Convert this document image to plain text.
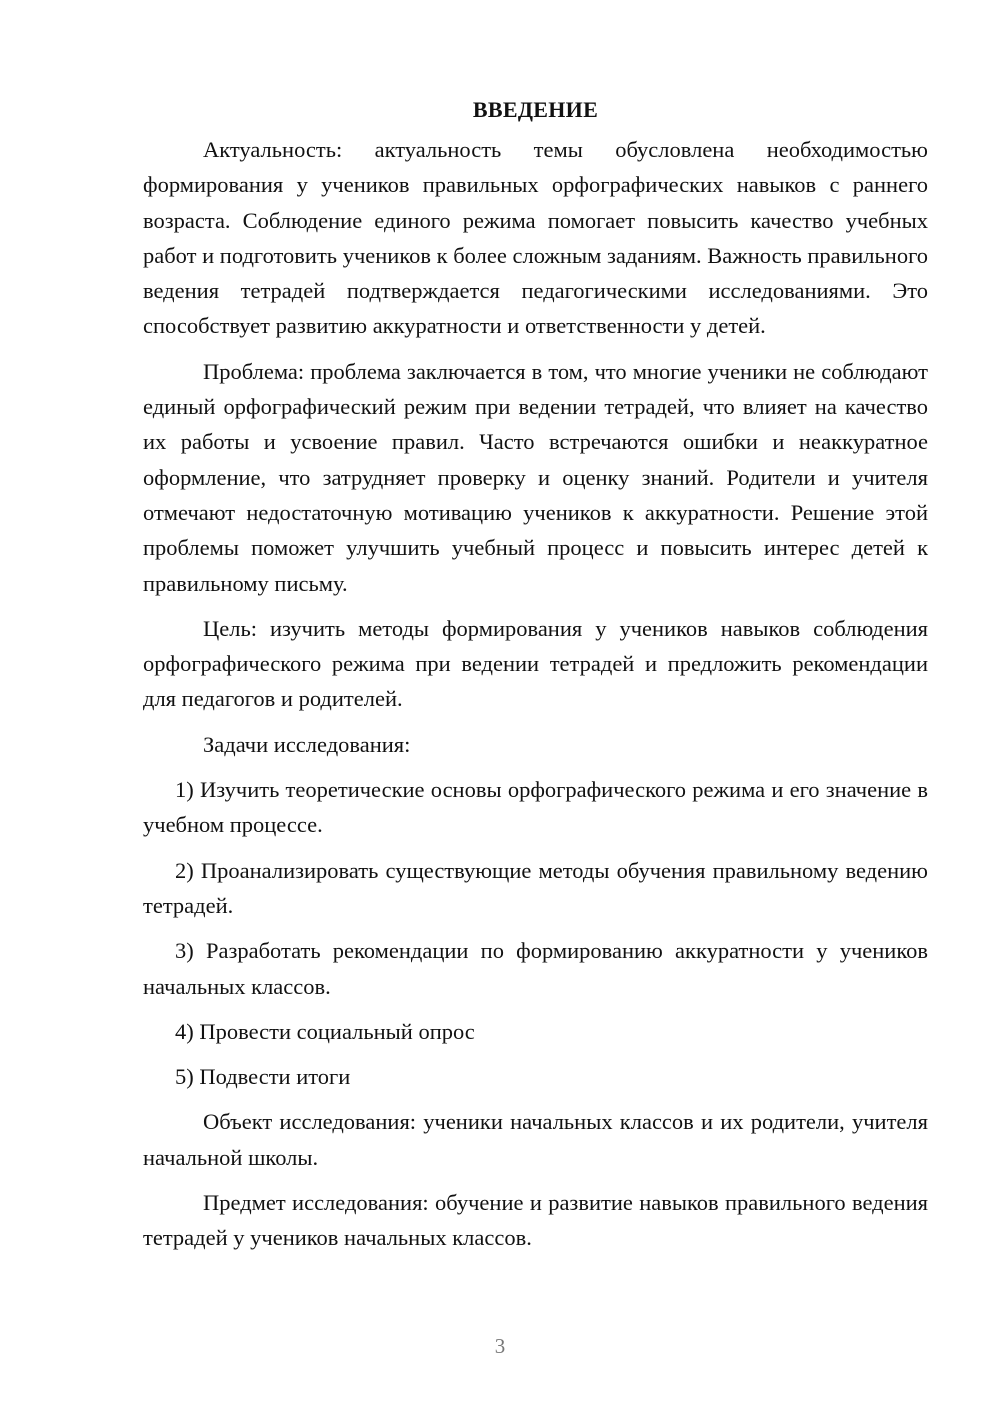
ВВЕДЕНИЕ

Актуальность: актуальность темы обусловлена необходимостью формирования у учеников правильных орфографических навыков с раннего возраста. Соблюдение единого режима помогает повысить качество учебных работ и подготовить учеников к более сложным заданиям. Важность правильного ведения тетрадей подтверждается педагогическими исследованиями. Это способствует развитию аккуратности и ответственности у детей.

Проблема: проблема заключается в том, что многие ученики не соблюдают единый орфографический режим при ведении тетрадей, что влияет на качество их работы и усвоение правил. Часто встречаются ошибки и неаккуратное оформление, что затрудняет проверку и оценку знаний. Родители и учителя отмечают недостаточную мотивацию учеников к аккуратности. Решение этой проблемы поможет улучшить учебный процесс и повысить интерес детей к правильному письму.

Цель: изучить методы формирования у учеников навыков соблюдения орфографического режима при ведении тетрадей и предложить рекомендации для педагогов и родителей.

Задачи исследования:

1) Изучить теоретические основы орфографического режима и его значение в учебном процессе.

2) Проанализировать существующие методы обучения правильному ведению тетрадей.

3) Разработать рекомендации по формированию аккуратности у учеников начальных классов.

4) Провести социальный опрос

5) Подвести итоги

Объект исследования: ученики начальных классов и их родители, учителя начальной школы.

Предмет исследования: обучение и развитие навыков правильного ведения тетрадей у учеников начальных классов.

3
